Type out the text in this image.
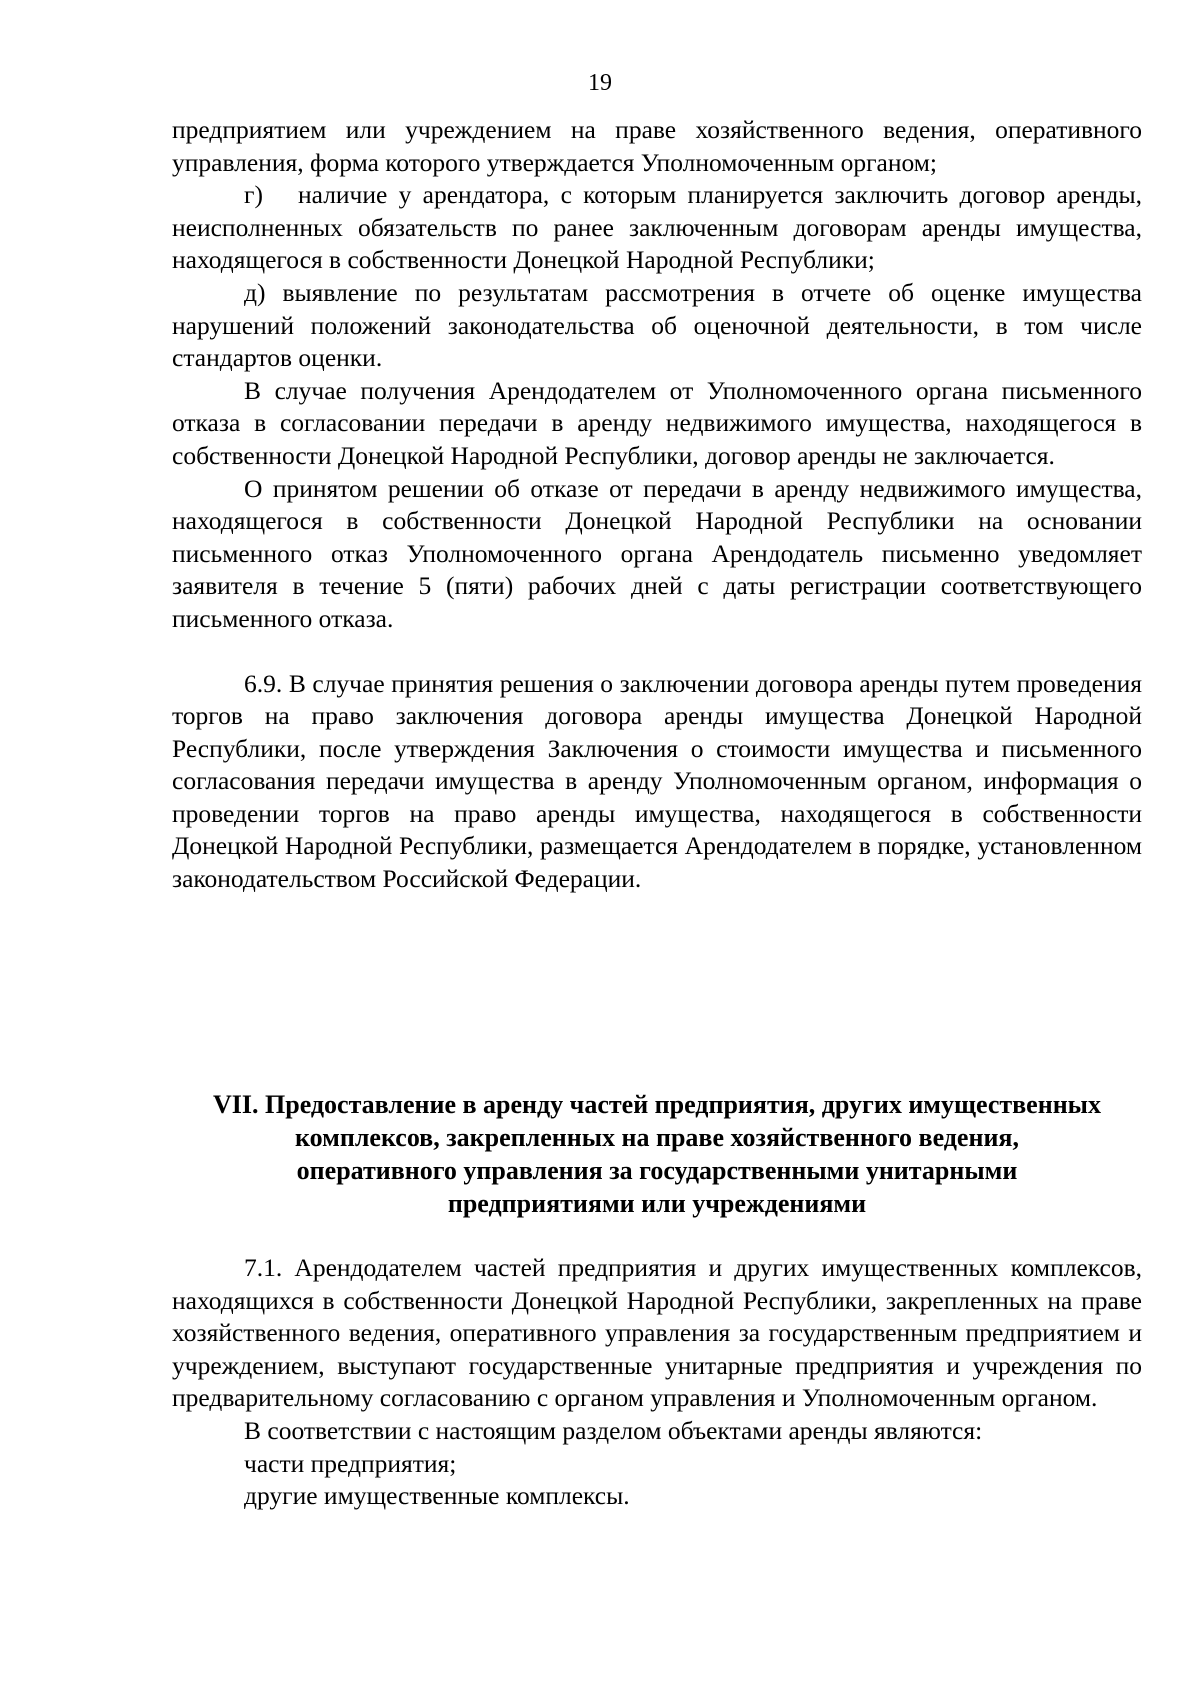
19

предприятием или учреждением на праве хозяйственного ведения, оперативного управления, форма которого утверждается Уполномоченным органом;

г) наличие у арендатора, с которым планируется заключить договор аренды, неисполненных обязательств по ранее заключенным договорам аренды имущества, находящегося в собственности Донецкой Народной Республики;

д) выявление по результатам рассмотрения в отчете об оценке имущества нарушений положений законодательства об оценочной деятельности, в том числе стандартов оценки.

В случае получения Арендодателем от Уполномоченного органа письменного отказа в согласовании передачи в аренду недвижимого имущества, находящегося в собственности Донецкой Народной Республики, договор аренды не заключается.

О принятом решении об отказе от передачи в аренду недвижимого имущества, находящегося в собственности Донецкой Народной Республики на основании письменного отказ Уполномоченного органа Арендодатель письменно уведомляет заявителя в течение 5 (пяти) рабочих дней с даты регистрации соответствующего письменного отказа.

6.9. В случае принятия решения о заключении договора аренды путем проведения торгов на право заключения договора аренды имущества Донецкой Народной Республики, после утверждения Заключения о стоимости имущества и письменного согласования передачи имущества в аренду Уполномоченным органом, информация о проведении торгов на право аренды имущества, находящегося в собственности Донецкой Народной Республики, размещается Арендодателем в порядке, установленном законодательством Российской Федерации.

VII. Предоставление в аренду частей предприятия, других имущественных

комплексов, закрепленных на праве хозяйственного ведения,

оперативного управления за государственными унитарными

предприятиями или учреждениями

7.1. Арендодателем частей предприятия и других имущественных комплексов, находящихся в собственности Донецкой Народной Республики, закрепленных на праве хозяйственного ведения, оперативного управления за государственным предприятием и учреждением, выступают государственные унитарные предприятия и учреждения по предварительному согласованию с органом управления и Уполномоченным органом.

В соответствии с настоящим разделом объектами аренды являются:

части предприятия;

другие имущественные комплексы.
